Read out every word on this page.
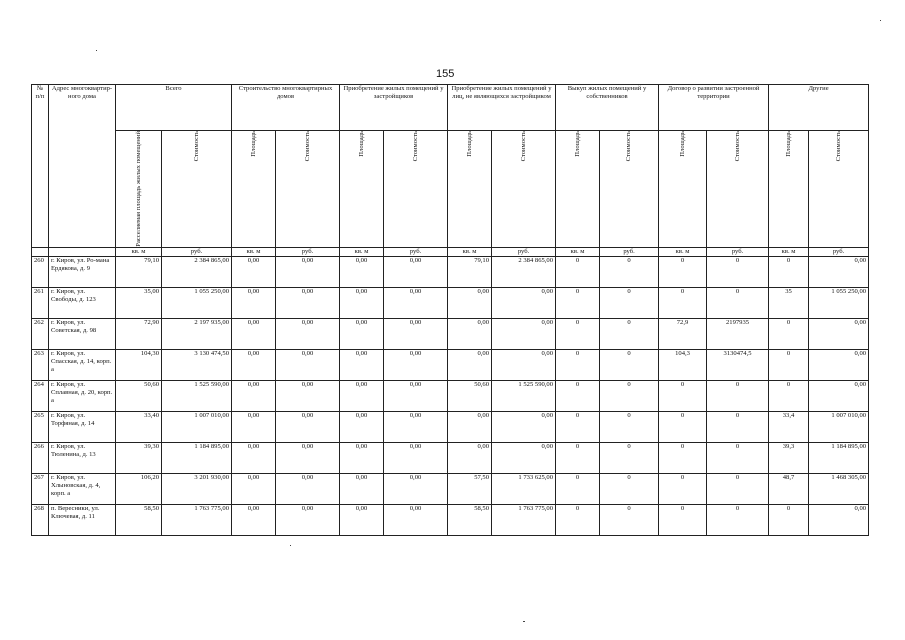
155
№ п/п	Адрес многоквартир-ного дома	Всего		Строительство многоквартирных домов		Приобретение жилых помещений у застройщиков		Приобретение жилых помещений у лиц, не являющихся застройщиком		Выкуп жилых помещений у собственников		Договор о развитии застроенной территории		Другие	

		Расселяемая площадь жилых помещений	Стоимость	Площадь	Стоимость	Площадь	Стоимость	Площадь	Стоимость	Площадь	Стоимость	Площадь	Стоимость	Площадь	Стоимость

		кв. м	руб.	кв. м	руб.	кв. м	руб.	кв. м	руб.	кв. м	руб.	кв. м	руб.	кв. м	руб.
260	г. Киров, ул. Ро-мана Ердякова, д. 9	79,10	2 384 865,00	0,00	0,00	0,00	0,00	79,10	2 384 865,00	0	0	0	0	0	0,00
261	г. Киров, ул. Свободы, д. 123	35,00	1 055 250,00	0,00	0,00	0,00	0,00	0,00	0,00	0	0	0	0	35	1 055 250,00
262	г. Киров, ул. Советская, д. 98	72,90	2 197 935,00	0,00	0,00	0,00	0,00	0,00	0,00	0	0	72,9	2197935	0	0,00
263	г. Киров, ул. Спасская, д. 14, корп. а	104,30	3 130 474,50	0,00	0,00	0,00	0,00	0,00	0,00	0	0	104,3	3130474,5	0	0,00
264	г. Киров, ул. Сплавная, д. 20, корп. а	50,60	1 525 590,00	0,00	0,00	0,00	0,00	50,60	1 525 590,00	0	0	0	0	0	0,00
265	г. Киров, ул. Торфяная, д. 14	33,40	1 007 010,00	0,00	0,00	0,00	0,00	0,00	0,00	0	0	0	0	33,4	1 007 010,00
266	г. Киров, ул. Тюленина, д. 13	39,30	1 184 895,00	0,00	0,00	0,00	0,00	0,00	0,00	0	0	0	0	39,3	1 184 895,00
267	г. Киров, ул. Хлыновская, д. 4, корп. а	106,20	3 201 930,00	0,00	0,00	0,00	0,00	57,50	1 733 625,00	0	0	0	0	48,7	1 468 305,00
268	п. Вересники, ул. Ключевая, д. 11	58,50	1 763 775,00	0,00	0,00	0,00	0,00	58,50	1 763 775,00	0	0	0	0	0	0,00
